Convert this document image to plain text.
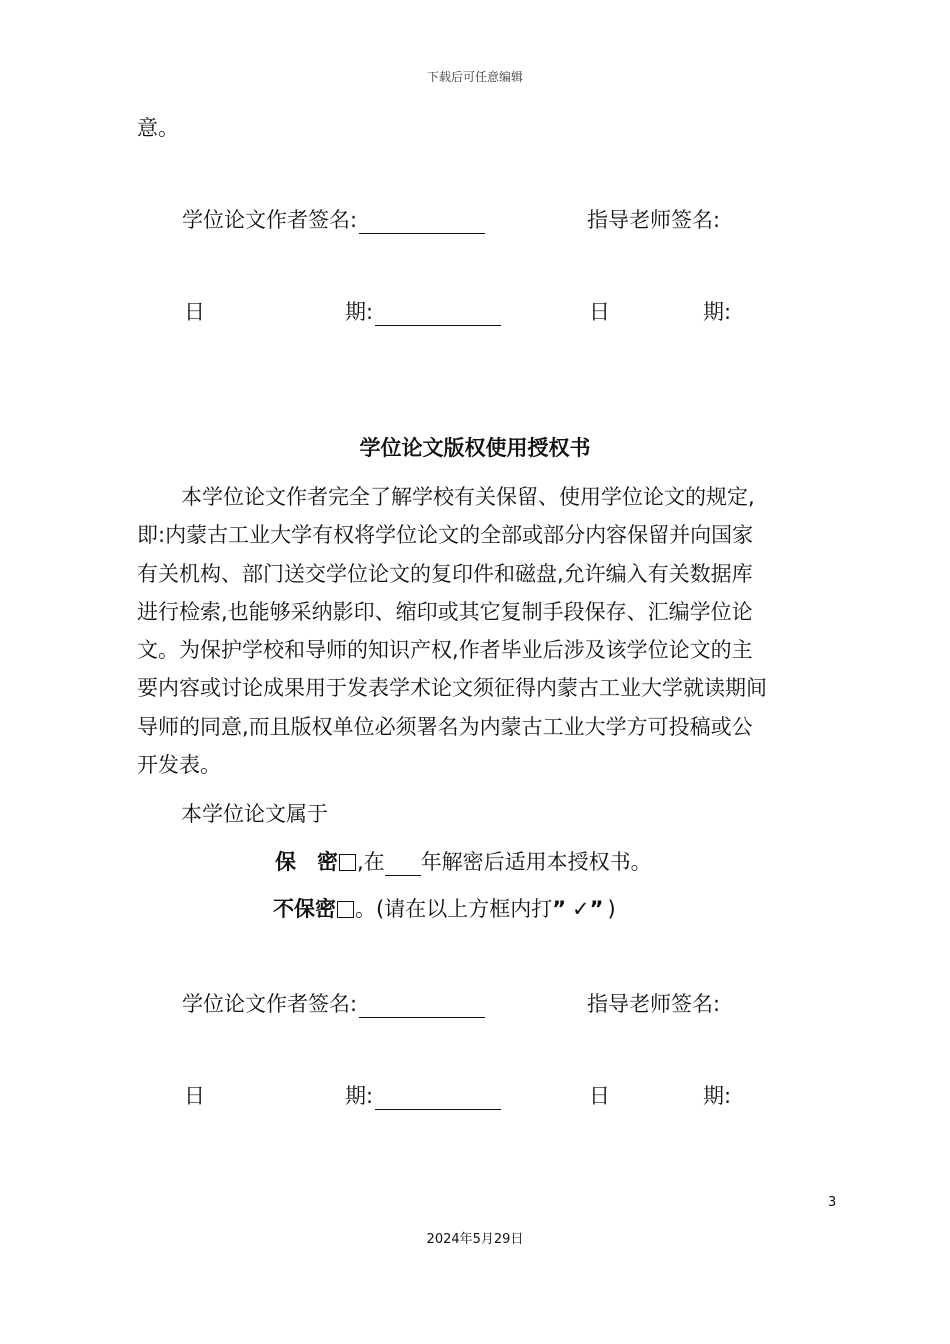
下载后可任意编辑
意。
学位论文作者签名:	指导老师签名:
日	期:	日	期:
学位论文版权使用授权书
本学位论文作者完全了解学校有关保留、使用学位论文的规定,
即:内蒙古工业大学有权将学位论文的全部或部分内容保留并向国家
有关机构、部门送交学位论文的复印件和磁盘,允许编入有关数据库
进行检索,也能够采纳影印、缩印或其它复制手段保存、汇编学位论
文。为保护学校和导师的知识产权,作者毕业后涉及该学位论文的主
要内容或讨论成果用于发表学术论文须征得内蒙古工业大学就读期间
导师的同意,而且版权单位必须署名为内蒙古工业大学方可投稿或公
开发表。
本学位论文属于
保 密 ,在 年解密后适用本授权书。
不保密 。(请在以上方框内打” ✓” )
学位论文作者签名:	指导老师签名:
日	期:	日	期:
3
2024年5月29日
